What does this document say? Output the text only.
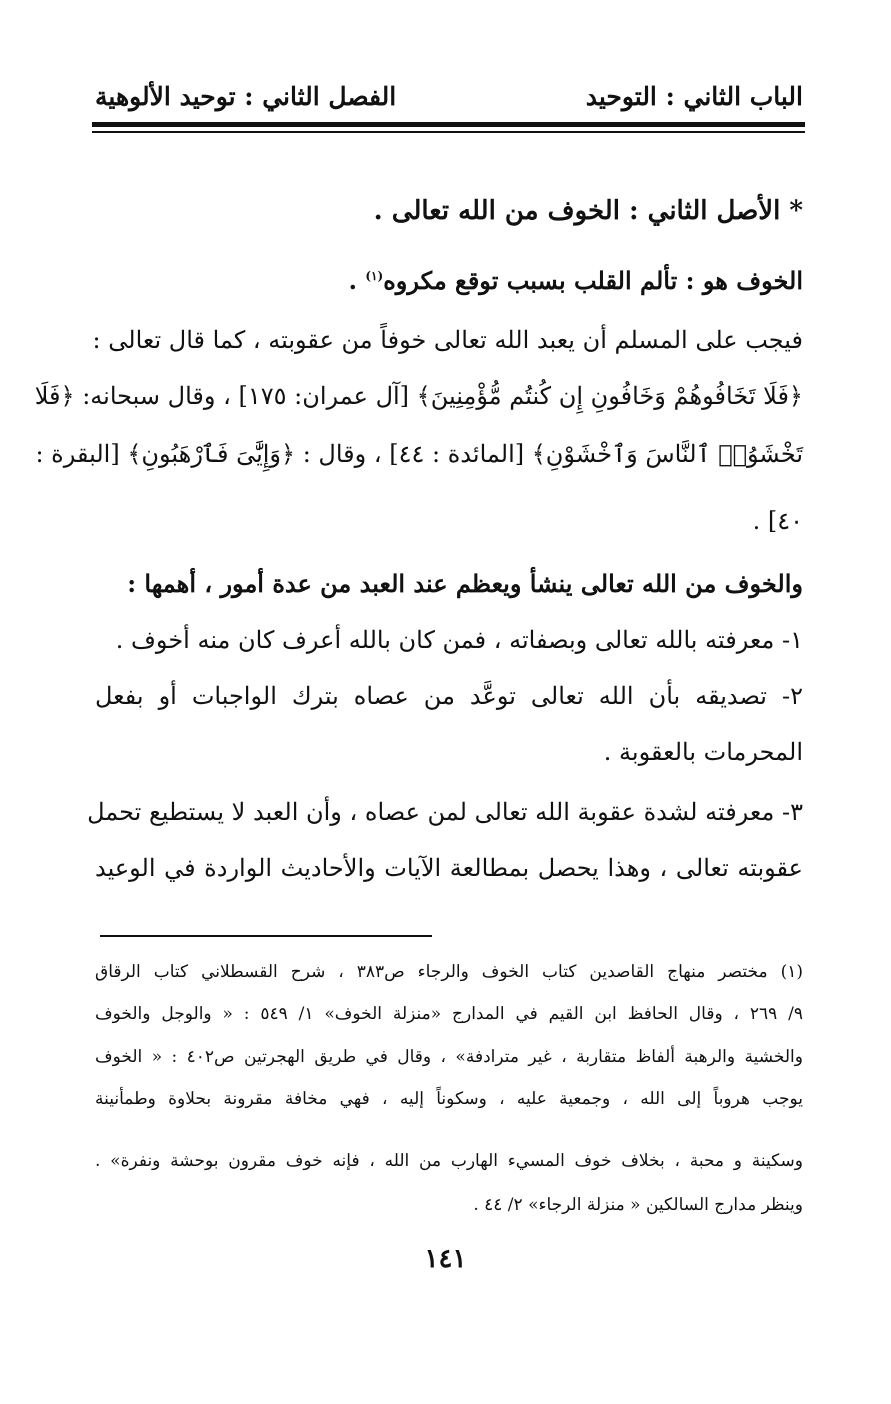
الباب الثاني : التوحيد
الفصل الثاني : توحيد الألوهية
* الأصل الثاني : الخوف من الله تعالى .
الخوف هو : تألم القلب بسبب توقع مكروه$^{(١)}$ .
فيجب على المسلم أن يعبد الله تعالى خوفاً من عقوبته ، كما قال تعالى :
﴿فَلَا تَخَافُوهُمْ وَخَافُونِ إِن كُنتُم مُّؤْمِنِينَ﴾ [آل عمران: ١٧٥] ، وقال سبحانه: ﴿فَلَا
تَخْشَوُا۟ ٱلنَّاسَ وَٱخْشَوْنِ﴾ [المائدة : ٤٤] ، وقال : ﴿وَإِيَّٰىَ فَٱرْهَبُونِ﴾ [البقرة :
٤٠] .
والخوف من الله تعالى ينشأ ويعظم عند العبد من عدة أمور ، أهمها :
١- معرفته بالله تعالى وبصفاته ، فمن كان بالله أعرف كان منه أخوف .
٢- تصديقه بأن الله تعالى توعَّد من عصاه بترك الواجبات أو بفعل
المحرمات بالعقوبة .
٣- معرفته لشدة عقوبة الله تعالى لمن عصاه ، وأن العبد لا يستطيع تحمل
عقوبته تعالى ، وهذا يحصل بمطالعة الآيات والأحاديث الواردة في الوعيد
(١) مختصر منهاج القاصدين كتاب الخوف والرجاء ص٣٨٣ ، شرح القسطلاني كتاب الرقاق
٩/ ٢٦٩ ، وقال الحافظ ابن القيم في المدارج «منزلة الخوف» ١/ ٥٤٩ : « والوجل والخوف
والخشية والرهبة ألفاظ متقاربة ، غير مترادفة» ، وقال في طريق الهجرتين ص٤٠٢ : « الخوف
يوجب هروباً إلى الله ، وجمعية عليه ، وسكوناً إليه ، فهي مخافة مقرونة بحلاوة وطمأنينة
وسكينة و محبة ، بخلاف خوف المسيء الهارب من الله ، فإنه خوف مقرون بوحشة ونفرة» .
وينظر مدارج السالكين « منزلة الرجاء» ٢/ ٤٤ .
١٤١
